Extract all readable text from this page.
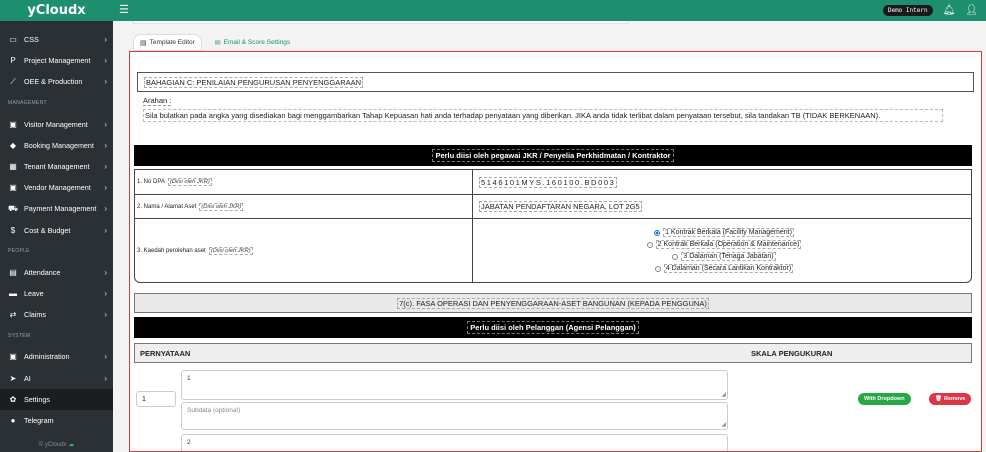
yCloudx
▭ CSS	›
P	Project Management	›
⟋	OEE & Production	›
MANAGEMENT
▣ Visitor Management	›
◆ Booking Management	›
▦ Tenant Management	›
▣ Vendor Management	›
⛟ Payment Management	›
$	Cost & Budget	›
PEOPLE
▤ Attendance	›
▬ Leave	›
⇄ Claims	›
SYSTEM
▣ Administration	›
➤ AI	›
✿ Settings
●	Telegram
© yCloudx ☁
☰	Demo Intern	🔔︎ 👤︎
▤ Template Editor	✉ Email & Score Settings
BAHAGIAN C: PENILAIAN PENGURUSAN PENYENGGARAAN
Arahan :
Sila bulatkan pada angka yang disediakan bagi menggambarkan Tahap Kepuasan hati anda terhadap penyataan yang diberikan. JIKA anda tidak terlibat dalam penyataan tersebut, sila tandakan TB (TIDAK BERKENAAN).
Perlu diisi oleh pegawai JKR / Penyelia Perkhidmatan / Kontraktor
1. No DPA (Diisi oleh JKR)	5146101MYS.160100.BD003
2. Nama / Alamat Aset (Diisi oleh JKR)	JABATAN PENDAFTARAN NEGARA, LOT 2G5
3. Kaedah perolehan aset (Diisi oleh JKR)
1 Kontrak Berkala (Facility Management)
2 Kontrak Berkala (Operation & Maintenance)
3 Dalaman (Tenaga Jabatan)
4 Dalaman (Secara Lantikan Kontraktor)
7(c). FASA OPERASI DAN PENYENGGARAAN-ASET BANGUNAN (KEPADA PENGGUNA)
Perlu diisi oleh Pelanggan (Agensi Pelanggan)
PERNYATAAN	SKALA PENGUKURAN
1
1
◢
Subdata (optional)
◢
2
With Dropdown	🗑︎ Remove
